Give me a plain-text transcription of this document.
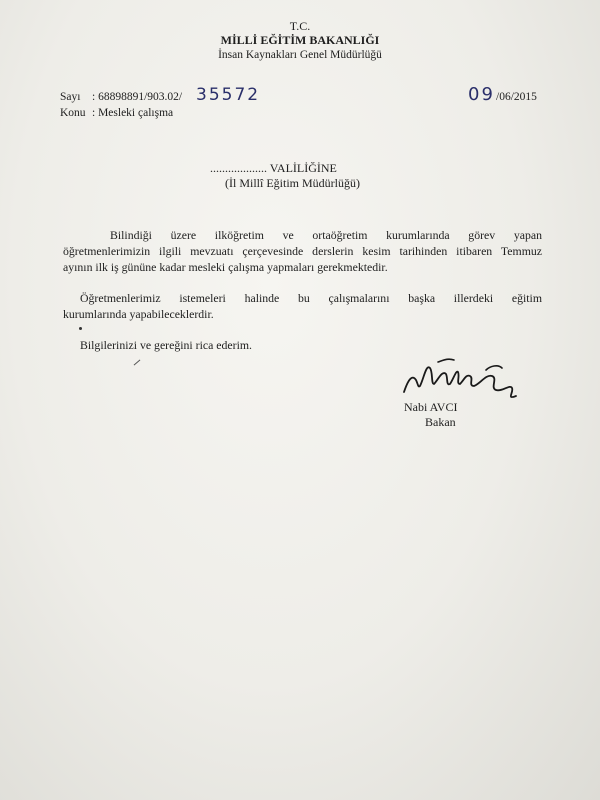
T.C.
MİLLİ EĞİTİM BAKANLIĞI
İnsan Kaynakları Genel Müdürlüğü
Sayı : 68898891/903.02/ 35572	09 /06/2015
Konu : Mesleki çalışma
................... VALİLİĞİNE
(İl Millî Eğitim Müdürlüğü)
Bilindiği üzere ilköğretim ve ortaöğretim kurumlarında görev yapan
öğretmenlerimizin ilgili mevzuatı çerçevesinde derslerin kesim tarihinden itibaren Temmuz
ayının ilk iş gününe kadar mesleki çalışma yapmaları gerekmektedir.
Öğretmenlerimiz istemeleri halinde bu çalışmalarını başka illerdeki eğitim
kurumlarında yapabileceklerdir.
Bilgilerinizi ve gereğini rica ederim.
Nabi AVCI
Bakan
